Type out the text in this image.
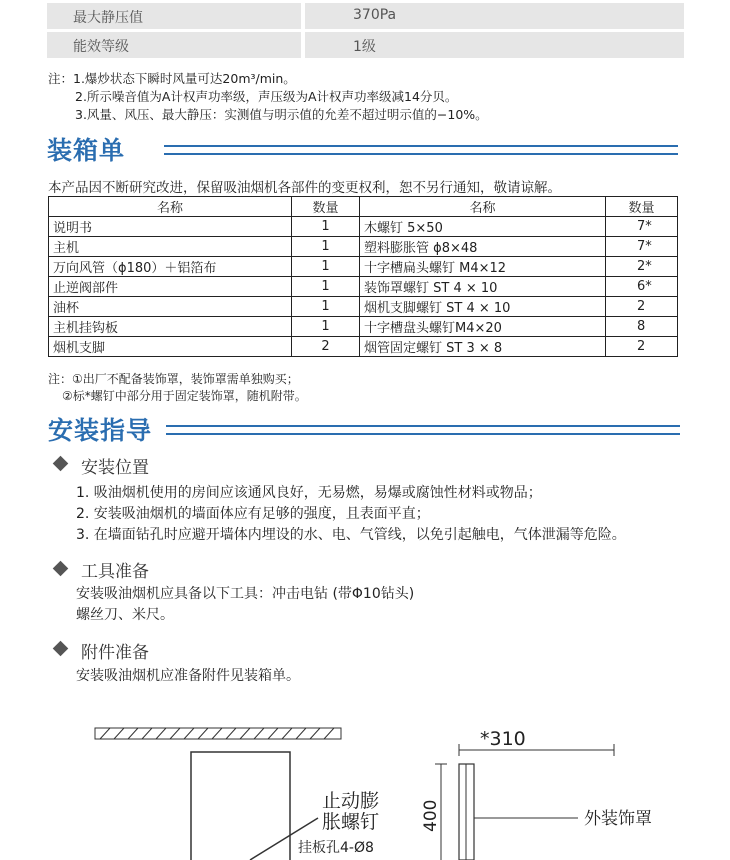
最大静压值	370Pa
能效等级	1级
注：1.爆炒状态下瞬时风量可达20m³/min。
2.所示噪音值为A计权声功率级，声压级为A计权声功率级减14分贝。
3.风量、风压、最大静压：实测值与明示值的允差不超过明示值的−10%。
装箱单
本产品因不断研究改进，保留吸油烟机各部件的变更权利，恕不另行通知，敬请谅解。
名称	数量	名称	数量
说明书	1	木螺钉 5×50	7*
主机	1	塑料膨胀管 ϕ8×48	7*
万向风管（ϕ180）＋铝箔布	1	十字槽扁头螺钉 M4×12	2*
止逆阀部件	1	装饰罩螺钉 ST 4 × 10	6*
油杯	1	烟机支脚螺钉 ST 4 × 10	2
主机挂钩板	1	十字槽盘头螺钉M4×20	8
烟机支脚	2	烟管固定螺钉 ST 3 × 8	2
注：①出厂不配备装饰罩，装饰罩需单独购买；
②标*螺钉中部分用于固定装饰罩，随机附带。
安装指导
安装位置
1. 吸油烟机使用的房间应该通风良好，无易燃，易爆或腐蚀性材料或物品；
2. 安装吸油烟机的墙面体应有足够的强度，且表面平直；
3. 在墙面钻孔时应避开墙体内埋设的水、电、气管线，以免引起触电，气体泄漏等危险。
工具准备
安装吸油烟机应具备以下工具：冲击电钻 (带Φ10钻头)
螺丝刀、米尺。
附件准备
安装吸油烟机应准备附件见装箱单。
止动膨
胀螺钉
挂板孔4-Ø8
*310
400	外装饰罩
